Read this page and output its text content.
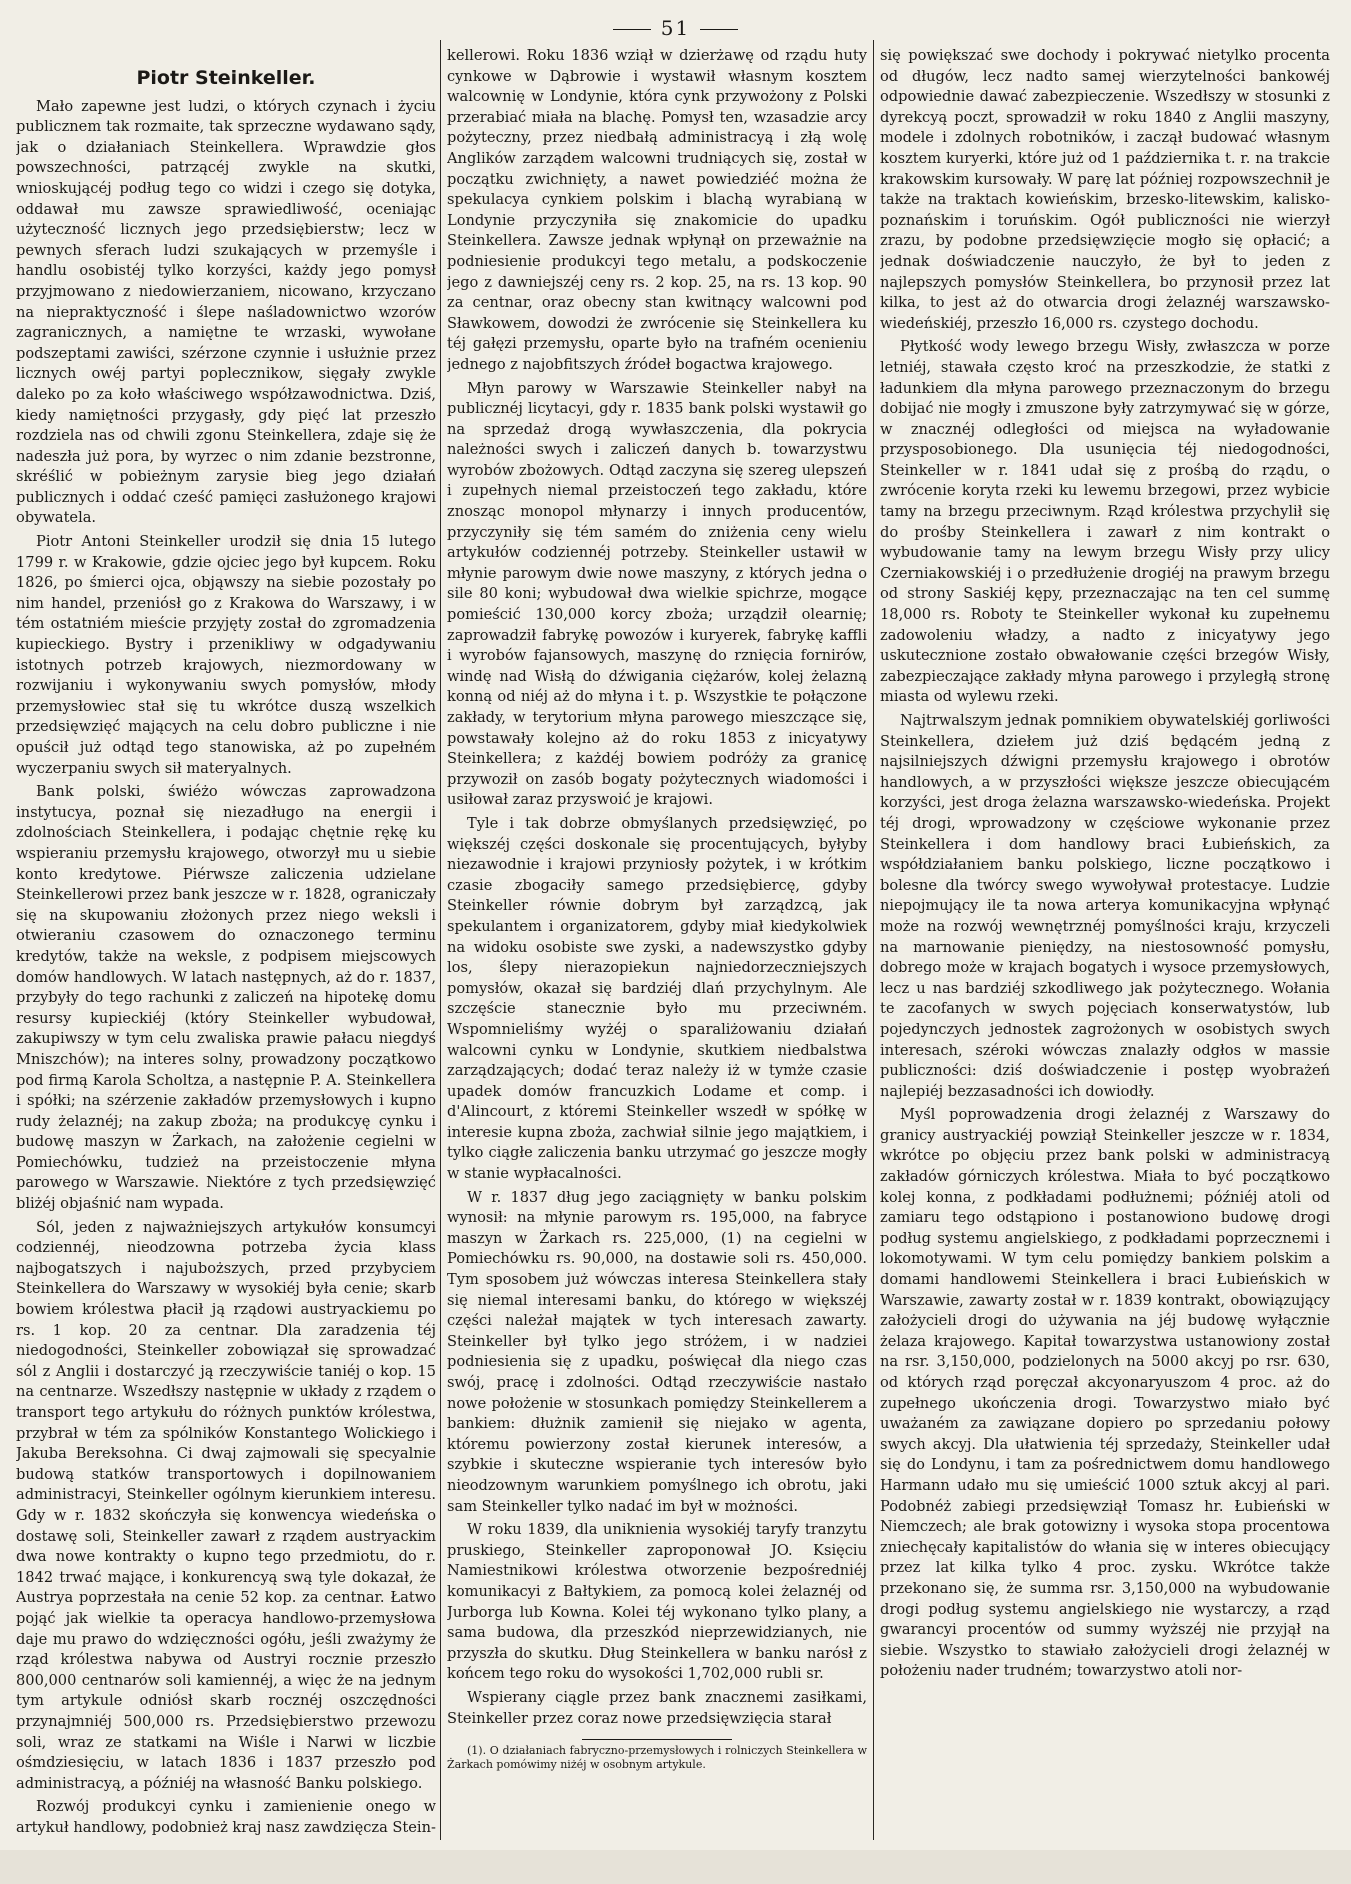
51
Piotr Steinkeller.

Mało zapewne jest ludzi, o których czynach i życiu publicznem tak rozmaite, tak sprzeczne wydawano sądy, jak o działaniach Steinkellera. Wprawdzie głos powszechności, patrzącéj zwykle na skutki, wnioskującéj podług tego co widzi i czego się dotyka, oddawał mu zawsze sprawiedliwość, oceniając użyteczność licznych jego przedsiębierstw; lecz w pewnych sferach ludzi szukających w przemyśle i handlu osobistéj tylko korzyści, każdy jego pomysł przyjmowano z niedowierzaniem, nicowano, krzyczano na niepraktyczność i ślepe naśladownictwo wzorów zagranicznych, a namiętne te wrzaski, wywołane podszeptami zawiści, szérzone czynnie i usłużnie przez licznych owéj partyi poplecznikow, sięgały zwykle daleko po za koło właściwego współzawodnictwa. Dziś, kiedy namiętności przygasły, gdy pięć lat przeszło rozdziela nas od chwili zgonu Steinkellera, zdaje się że nadeszła już pora, by wyrzec o nim zdanie bezstronne, skréślić w pobieżnym zarysie bieg jego działań publicznych i oddać cześć pamięci zasłużonego krajowi obywatela.

Piotr Antoni Steinkeller urodził się dnia 15 lutego 1799 r. w Krakowie, gdzie ojciec jego był kupcem. Roku 1826, po śmierci ojca, objąwszy na siebie pozostały po nim handel, przeniósł go z Krakowa do Warszawy, i w tém ostatniém mieście przyjęty został do zgromadzenia kupieckiego. Bystry i przenikliwy w odgadywaniu istotnych potrzeb krajowych, niezmordowany w rozwijaniu i wykonywaniu swych pomysłów, młody przemysłowiec stał się tu wkrótce duszą wszelkich przedsięwzięć mających na celu dobro publiczne i nie opuścił już odtąd tego stanowiska, aż po zupełném wyczerpaniu swych sił materyalnych.

Bank polski, świéżo wówczas zaprowadzona instytucya, poznał się niezadługo na energii i zdolnościach Steinkellera, i podając chętnie rękę ku wspieraniu przemysłu krajowego, otworzył mu u siebie konto kredytowe. Piérwsze zaliczenia udzielane Steinkellerowi przez bank jeszcze w r. 1828, ograniczały się na skupowaniu złożonych przez niego weksli i otwieraniu czasowem do oznaczonego terminu kredytów, także na weksle, z podpisem miejscowych domów handlowych. W latach następnych, aż do r. 1837, przybyły do tego rachunki z zaliczeń na hipotekę domu resursy kupieckiéj (który Steinkeller wybudował, zakupiwszy w tym celu zwaliska prawie pałacu niegdyś Mniszchów); na interes solny, prowadzony początkowo pod firmą Karola Scholtza, a następnie P. A. Steinkellera i spółki; na szérzenie zakładów przemysłowych i kupno rudy żelaznéj; na zakup zboża; na produkcyę cynku i budowę maszyn w Żarkach, na założenie cegielni w Pomiechówku, tudzież na przeistoczenie młyna parowego w Warszawie. Niektóre z tych przedsięwzięć bliżéj objaśnić nam wypada.

Sól, jeden z najważniejszych artykułów konsumcyi codziennéj, nieodzowna potrzeba życia klass najbogatszych i najuboższych, przed przybyciem Steinkellera do Warszawy w wysokiéj była cenie; skarb bowiem królestwa płacił ją rządowi austryackiemu po rs. 1 kop. 20 za centnar. Dla zaradzenia téj niedogodności, Steinkeller zobowiązał się sprowadzać sól z Anglii i dostarczyć ją rzeczywiście taniéj o kop. 15 na centnarze. Wszedłszy następnie w układy z rządem o transport tego artykułu do różnych punktów królestwa, przybrał w tém za spólników Konstantego Wolickiego i Jakuba Bereksohna. Ci dwaj zajmowali się specyalnie budową statków transportowych i dopilnowaniem administracyi, Steinkeller ogólnym kierunkiem interesu. Gdy w r. 1832 skończyła się konwencya wiedeńska o dostawę soli, Steinkeller zawarł z rządem austryackim dwa nowe kontrakty o kupno tego przedmiotu, do r. 1842 trwać mające, i konkurencyą swą tyle dokazał, że Austrya poprzestała na cenie 52 kop. za centnar. Łatwo pojąć jak wielkie ta operacya handlowo-przemysłowa daje mu prawo do wdzięczności ogółu, jeśli zważymy że rząd królestwa nabywa od Austryi rocznie przeszło 800,000 centnarów soli kamiennéj, a więc że na jednym tym artykule odniósł skarb rocznéj oszczędności przynajmniéj 500,000 rs. Przedsiębierstwo przewozu soli, wraz ze statkami na Wiśle i Narwi w liczbie ośmdziesięciu, w latach 1836 i 1837 przeszło pod administracyą, a późniéj na własność Banku polskiego.

Rozwój produkcyi cynku i zamienienie onego w artykuł handlowy, podobnież kraj nasz zawdzięcza Stein-

kellerowi. Roku 1836 wziął w dzierżawę od rządu huty cynkowe w Dąbrowie i wystawił własnym kosztem walcownię w Londynie, która cynk przywożony z Polski przerabiać miała na blachę. Pomysł ten, wzasadzie arcy pożyteczny, przez niedbałą administracyą i złą wolę Anglików zarządem walcowni trudniących się, został w początku zwichnięty, a nawet powiedziéć można że spekulacya cynkiem polskim i blachą wyrabianą w Londynie przyczyniła się znakomicie do upadku Steinkellera. Zawsze jednak wpłynął on przeważnie na podniesienie produkcyi tego metalu, a podskoczenie jego z dawniejszéj ceny rs. 2 kop. 25, na rs. 13 kop. 90 za centnar, oraz obecny stan kwitnący walcowni pod Sławkowem, dowodzi że zwrócenie się Steinkellera ku téj gałęzi przemysłu, oparte było na trafném ocenieniu jednego z najobfitszych źródeł bogactwa krajowego.

Młyn parowy w Warszawie Steinkeller nabył na publicznéj licytacyi, gdy r. 1835 bank polski wystawił go na sprzedaż drogą wywłaszczenia, dla pokrycia należności swych i zaliczeń danych b. towarzystwu wyrobów zbożowych. Odtąd zaczyna się szereg ulepszeń i zupełnych niemal przeistoczeń tego zakładu, które znosząc monopol młynarzy i innych producentów, przyczyniły się tém samém do zniżenia ceny wielu artykułów codziennéj potrzeby. Steinkeller ustawił w młynie parowym dwie nowe maszyny, z których jedna o sile 80 koni; wybudował dwa wielkie spichrze, mogące pomieścić 130,000 korcy zboża; urządził olearnię; zaprowadził fabrykę powozów i kuryerek, fabrykę kaffli i wyrobów fajansowych, maszynę do rznięcia fornirów, windę nad Wisłą do dźwigania ciężarów, kolej żelazną konną od niéj aż do młyna i t. p. Wszystkie te połączone zakłady, w terytorium młyna parowego mieszczące się, powstawały kolejno aż do roku 1853 z inicyatywy Steinkellera; z każdéj bowiem podróży za granicę przywoził on zasób bogaty pożytecznych wiadomości i usiłował zaraz przyswoić je krajowi.

Tyle i tak dobrze obmyślanych przedsięwzięć, po większéj części doskonale się procentujących, byłyby niezawodnie i krajowi przyniosły pożytek, i w krótkim czasie zbogaciły samego przedsiębiercę, gdyby Steinkeller równie dobrym był zarządzcą, jak spekulantem i organizatorem, gdyby miał kiedykolwiek na widoku osobiste swe zyski, a nadewszystko gdyby los, ślepy nierazopiekun najniedorzeczniejszych pomysłów, okazał się bardziéj dlań przychylnym. Ale szczęście stanecznie było mu przeciwném. Wspomnieliśmy wyżéj o sparaliżowaniu działań walcowni cynku w Londynie, skutkiem niedbalstwa zarządzających; dodać teraz należy iż w tymże czasie upadek domów francuzkich Lodame et comp. i d'Alincourt, z któremi Steinkeller wszedł w spółkę w interesie kupna zboża, zachwiał silnie jego majątkiem, i tylko ciągłe zaliczenia banku utrzymać go jeszcze mogły w stanie wypłacalności.

W r. 1837 dług jego zaciągnięty w banku polskim wynosił: na młynie parowym rs. 195,000, na fabryce maszyn w Żarkach rs. 225,000, (1) na cegielni w Pomiechówku rs. 90,000, na dostawie soli rs. 450,000. Tym sposobem już wówczas interesa Steinkellera stały się niemal interesami banku, do którego w większéj części należał majątek w tych interesach zawarty. Steinkeller był tylko jego stróżem, i w nadziei podniesienia się z upadku, poświęcał dla niego czas swój, pracę i zdolności. Odtąd rzeczywiście nastało nowe położenie w stosunkach pomiędzy Steinkellerem a bankiem: dłużnik zamienił się niejako w agenta, któremu powierzony został kierunek interesów, a szybkie i skuteczne wspieranie tych interesów było nieodzownym warunkiem pomyślnego ich obrotu, jaki sam Steinkeller tylko nadać im był w możności.

W roku 1839, dla uniknienia wysokiéj taryfy tranzytu pruskiego, Steinkeller zaproponował JO. Księciu Namiestnikowi królestwa otworzenie bezpośredniéj komunikacyi z Bałtykiem, za pomocą kolei żelaznéj od Jurborga lub Kowna. Kolei téj wykonano tylko plany, a sama budowa, dla przeszkód nieprzewidzianych, nie przyszła do skutku. Dług Steinkellera w banku narósł z końcem tego roku do wysokości 1,702,000 rubli sr.

Wspierany ciągle przez bank znacznemi zasiłkami, Steinkeller przez coraz nowe przedsięwzięcia starał

(1). O działaniach fabryczno-przemysłowych i rolniczych Steinkellera w Żarkach pomówimy niżéj w osobnym artykule.

się powiększać swe dochody i pokrywać nietylko procenta od długów, lecz nadto samej wierzytelności bankowéj odpowiednie dawać zabezpieczenie. Wszedłszy w stosunki z dyrekcyą poczt, sprowadził w roku 1840 z Anglii maszyny, modele i zdolnych robotników, i zaczął budować własnym kosztem kuryerki, które już od 1 października t. r. na trakcie krakowskim kursowały. W parę lat później rozpowszechnił je także na traktach kowieńskim, brzesko-litewskim, kalisko-poznańskim i toruńskim. Ogół publiczności nie wierzył zrazu, by podobne przedsięwzięcie mogło się opłacić; a jednak doświadczenie nauczyło, że był to jeden z najlepszych pomysłów Steinkellera, bo przynosił przez lat kilka, to jest aż do otwarcia drogi żelaznéj warszawsko-wiedeńskiéj, przeszło 16,000 rs. czystego dochodu.

Płytkość wody lewego brzegu Wisły, zwłaszcza w porze letniéj, stawała często kroć na przeszkodzie, że statki z ładunkiem dla młyna parowego przeznaczonym do brzegu dobijać nie mogły i zmuszone były zatrzymywać się w górze, w znacznéj odległości od miejsca na wyładowanie przysposobionego. Dla usunięcia téj niedogodności, Steinkeller w r. 1841 udał się z prośbą do rządu, o zwrócenie koryta rzeki ku lewemu brzegowi, przez wybicie tamy na brzegu przeciwnym. Rząd królestwa przychylił się do prośby Steinkellera i zawarł z nim kontrakt o wybudowanie tamy na lewym brzegu Wisły przy ulicy Czerniakowskiéj i o przedłużenie drogiéj na prawym brzegu od strony Saskiéj kępy, przeznaczając na ten cel summę 18,000 rs. Roboty te Steinkeller wykonał ku zupełnemu zadowoleniu władzy, a nadto z inicyatywy jego uskutecznione zostało obwałowanie części brzegów Wisły, zabezpieczające zakłady młyna parowego i przyległą stronę miasta od wylewu rzeki.

Najtrwalszym jednak pomnikiem obywatelskiéj gorliwości Steinkellera, dziełem już dziś będącém jedną z najsilniejszych dźwigni przemysłu krajowego i obrotów handlowych, a w przyszłości większe jeszcze obiecującém korzyści, jest droga żelazna warszawsko-wiedeńska. Projekt téj drogi, wprowadzony w częściowe wykonanie przez Steinkellera i dom handlowy braci Łubieńskich, za współdziałaniem banku polskiego, liczne początkowo i bolesne dla twórcy swego wywoływał protestacye. Ludzie niepojmujący ile ta nowa arterya komunikacyjna wpłynąć może na rozwój wewnętrznéj pomyślności kraju, krzyczeli na marnowanie pieniędzy, na niestosowność pomysłu, dobrego może w krajach bogatych i wysoce przemysłowych, lecz u nas bardziéj szkodliwego jak pożytecznego. Wołania te zacofanych w swych pojęciach konserwatystów, lub pojedynczych jednostek zagrożonych w osobistych swych interesach, széroki wówczas znalazły odgłos w massie publiczności: dziś doświadczenie i postęp wyobrażeń najlepiéj bezzasadności ich dowiodły.

Myśl poprowadzenia drogi żelaznéj z Warszawy do granicy austryackiéj powziął Steinkeller jeszcze w r. 1834, wkrótce po objęciu przez bank polski w administracyą zakładów górniczych królestwa. Miała to być początkowo kolej konna, z podkładami podłużnemi; późniéj atoli od zamiaru tego odstąpiono i postanowiono budowę drogi podług systemu angielskiego, z podkładami poprzecznemi i lokomotywami. W tym celu pomiędzy bankiem polskim a domami handlowemi Steinkellera i braci Łubieńskich w Warszawie, zawarty został w r. 1839 kontrakt, obowiązujący założycieli drogi do używania na jéj budowę wyłącznie żelaza krajowego. Kapitał towarzystwa ustanowiony został na rsr. 3,150,000, podzielonych na 5000 akcyj po rsr. 630, od których rząd poręczał akcyonaryuszom 4 proc. aż do zupełnego ukończenia drogi. Towarzystwo miało być uważaném za zawiązane dopiero po sprzedaniu połowy swych akcyj. Dla ułatwienia téj sprzedaży, Steinkeller udał się do Londynu, i tam za pośrednictwem domu handlowego Harmann udało mu się umieścić 1000 sztuk akcyj al pari. Podobnéż zabiegi przedsięwziął Tomasz hr. Łubieński w Niemczech; ale brak gotowizny i wysoka stopa procentowa zniechęcały kapitalistów do włania się w interes obiecujący przez lat kilka tylko 4 proc. zysku. Wkrótce także przekonano się, że summa rsr. 3,150,000 na wybudowanie drogi podług systemu angielskiego nie wystarczy, a rząd gwarancyi procentów od summy wyższéj nie przyjął na siebie. Wszystko to stawiało założycieli drogi żelaznéj w położeniu nader trudném; towarzystwo atoli nor-
